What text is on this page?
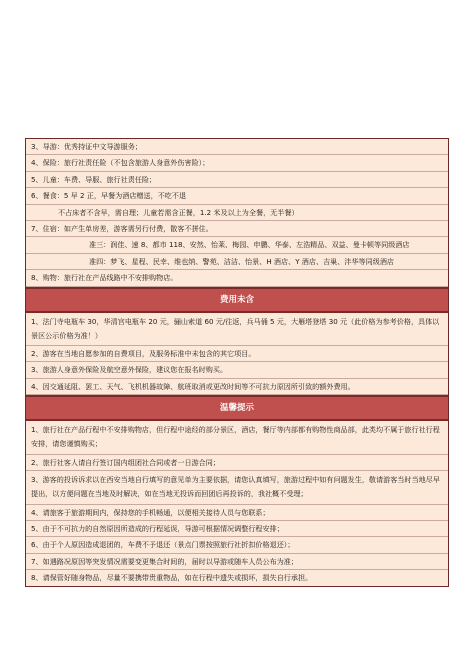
3、导游：优秀持证中文导游服务；
4、保险：旅行社责任险（不包含旅游人身意外伤害险）；
5、儿童：车费、导服、旅行社责任险；
6、餐食：5 早 2 正，早餐为酒店赠送，不吃不退
不占床者不含早，需自理；儿童若需含正餐，1.2 米及以上为全餐，无半餐）
7、住宿：如产生单房差，游客需另行付费，散客不拼住。
准三：润佳、速 8、都市 118、安然、怡莱、梅园、申鹏、华泰、左浩精品、双益、曼卡顿等同级酒店
准四：梦飞、星程、民幸、维也纳、警苑、洁洁、怡景、H 酒店、Y 酒店、吉巢、沣华等同级酒店
8、购物：旅行社在产品线路中不安排购物店。
费用未含
1、法门寺电瓶车 30，华清宫电瓶车 20 元，骊山索道 60 元/往返，兵马俑 5 元，大雁塔登塔 30 元（此价格为参考价格，具体以景区公示价格为准！）
2、游客在当地自愿参加的自费项目，及服务标准中未包含的其它项目。
3、旅游人身意外保险及航空意外保险，建议您在报名时购买。
4、因交通延阻、罢工、天气、飞机机器故障、航班取消或更改时间等不可抗力原因所引致的额外费用。
温馨提示
1、旅行社在产品行程中不安排购物店，但行程中途经的部分景区，酒店，餐厅等内部都有购物性商品部，此类均不属于旅行社行程安排，请您谨慎购买；
2、旅行社客人请自行签订国内组团社合同或者一日游合同；
3、游客的投诉诉求以在西安当地自行填写的意见单为主要依据，请您认真填写，旅游过程中如有问题发生，敬请游客当时当地尽早提出，以方便问题在当地及时解决，如在当地无投诉而回团后再投诉的，我社概不受理；
4、请旅客于旅游期间内，保持您的手机畅通，以便相关接待人员与您联系；
5、由于不可抗力的自然原因所造成的行程延误，导游可根据情况调整行程安排；
6、由于个人原因造成退团的，车费不予退还（景点门票按照旅行社折扣价格退还）；
7、如遇路况原因等突发情况需要变更集合时间的，届时以导游或随车人员公布为准；
8、请保管好随身物品，尽量不要携带贵重物品，如在行程中遗失或损坏，损失自行承担。
